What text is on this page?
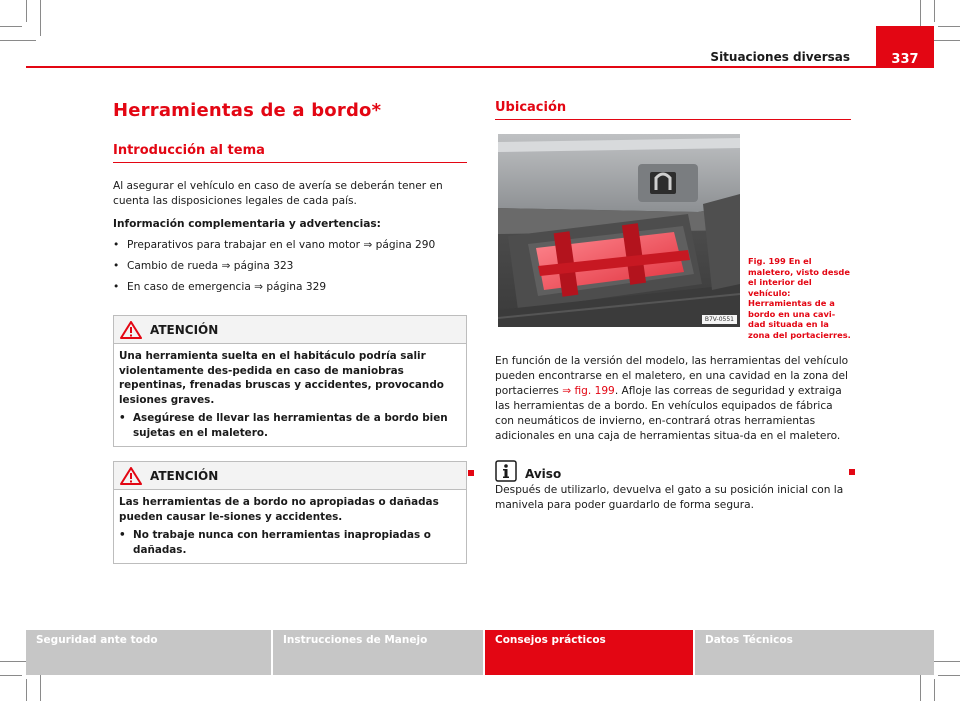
Situaciones diversas	337
Herramientas de a bordo*
Introducción al tema

Al asegurar el vehículo en caso de avería se deberán tener en cuenta las disposiciones legales de cada país.

Información complementaria y advertencias:

• Preparativos para trabajar en el vano motor ⇒ página 290
• Cambio de rueda ⇒ página 323
• En caso de emergencia ⇒ página 329
ATENCIÓN

Una herramienta suelta en el habitáculo podría salir violentamente des-pedida en caso de maniobras repentinas, frenadas bruscas y accidentes, provocando lesiones graves.

• Asegúrese de llevar las herramientas de a bordo bien sujetas en el maletero.
ATENCIÓN

Las herramientas de a bordo no apropiadas o dañadas pueden causar le-siones y accidentes.

• No trabaje nunca con herramientas inapropiadas o dañadas.
Ubicación
B7V-0551
Fig. 199 En el maletero, visto desde el interior del vehículo: Herramientas de a bordo en una cavi-dad situada en la zona del portacierres.

En función de la versión del modelo, las herramientas del vehículo pueden encontrarse en el maletero, en una cavidad en la zona del portacierres ⇒ fig. 199. Afloje las correas de seguridad y extraiga las herramientas de a bordo. En vehículos equipados de fábrica con neumáticos de invierno, en-contrará otras herramientas adicionales en una caja de herramientas situa-da en el maletero.

Aviso

Después de utilizarlo, devuelva el gato a su posición inicial con la manivela para poder guardarlo de forma segura.

Seguridad ante todo	Instrucciones de Manejo	Consejos prácticos	Datos Técnicos
